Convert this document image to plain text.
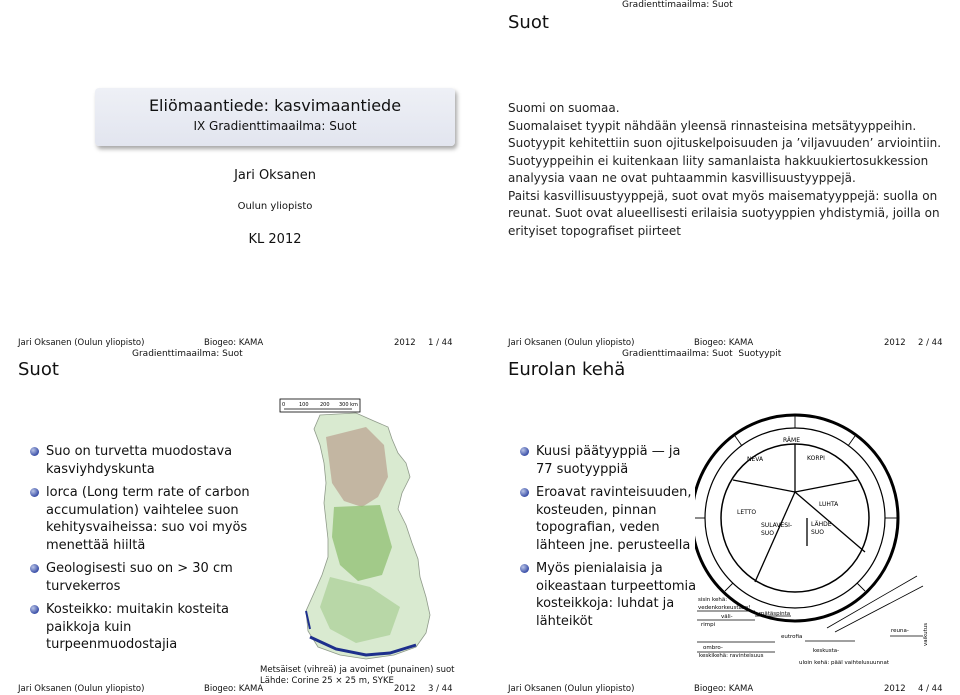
Eliömaantiede: kasvimaantiede
IX Gradienttimaailma: Suot
Jari Oksanen
Oulun yliopisto
KL 2012
Jari Oksanen (Oulun yliopisto)	Biogeo: KAMA	2012 1 / 44
Gradienttimaailma: Suot
Suot

Suomi on suomaa.

Suomalaiset tyypit nähdään yleensä rinnasteisina metsätyyppeihin.

Suotyypit kehitettiin suon ojituskelpoisuuden ja ’viljavuuden’ arviointiin.

Suotyyppeihin ei kuitenkaan liity samanlaista hakkuukiertosukkession analyysia vaan ne ovat puhtaammin kasvillisuustyyppejä.

Paitsi kasvillisuustyyppejä, suot ovat myös maisematyyppejä: suolla on reunat. Suot ovat alueellisesti erilaisia suotyyppien yhdistymiä, joilla on erityiset topografiset piirteet

Jari Oksanen (Oulun yliopisto)	Biogeo: KAMA	2012 2 / 44
Gradienttimaailma: Suot
Suot
Suo on turvetta muodostava kasviyhdyskunta
lorca (Long term rate of carbon accumulation) vaihtelee suon kehitysvaiheissa: suo voi myös menettää hiiltä
Geologisesti suo on > 30 cm turvekerros
Kosteikko: muitakin kosteita paikkoja kuin turpeenmuodostajia
0	100 200 300 km
Metsäiset (vihreä) ja avoimet (punainen) suot
Lähde: Corine 25 × 25 m, SYKE
Jari Oksanen (Oulun yliopisto)	Biogeo: KAMA	2012 3 / 44
Gradienttimaailma: Suot Suotyypit
Eurolan kehä
Kuusi päätyyppiä — ja 77 suotyyppiä
Eroavat ravinteisuuden, kosteuden, pinnan topografian, veden lähteen jne. perusteella
Myös pienialaisia ja oikeastaan turpeettomia kosteikkoja: luhdat ja lähteiköt
RÄME
NEVA	KORPI
LUHTA
LETTO
SULAVESI-
SUO
LÄHDE-
SUO
sisin kehä:
vedenkorkeustaso!
väli-
rimpi
mätäspinta
eutrofia
ombro-	keskusta-
reuna-	vaikutus
keskikehä: ravinteisuus
uloin kehä: pääl vaihtelusuunnat
Jari Oksanen (Oulun yliopisto)	Biogeo: KAMA	2012 4 / 44
